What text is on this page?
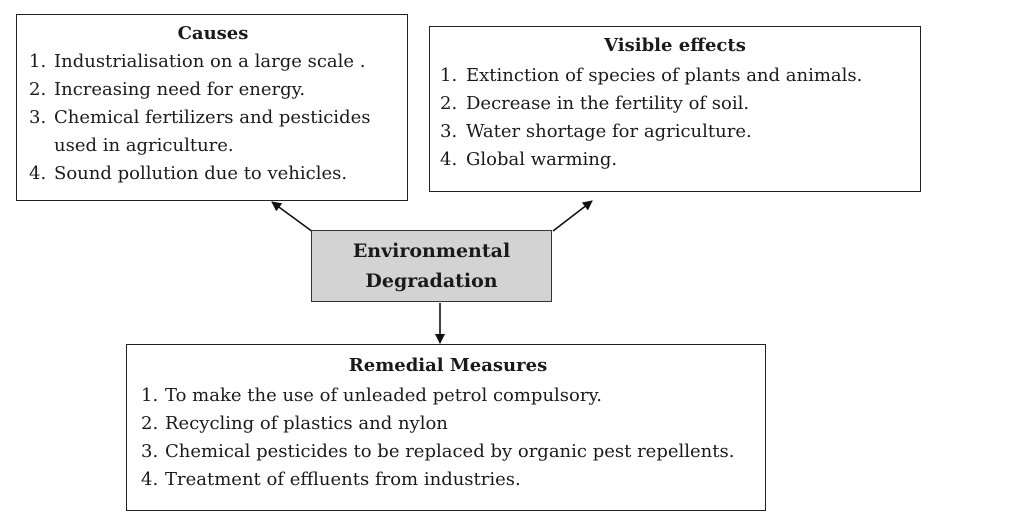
Causes

1. Industrialisation on a large scale .
2. Increasing need for energy.
3. Chemical fertilizers and pesticides used in agriculture.
4. Sound pollution due to vehicles.

Visible effects

1. Extinction of species of plants and animals.
2. Decrease in the fertility of soil.
3. Water shortage for agriculture.
4. Global warming.
Environmental
Degradation

Remedial Measures

1. To make the use of unleaded petrol compulsory.
2. Recycling of plastics and nylon
3. Chemical pesticides to be replaced by organic pest repellents.
4. Treatment of effluents from industries.
